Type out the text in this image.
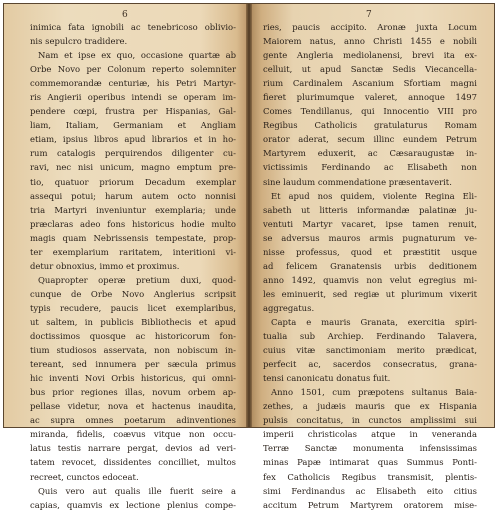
6
inimica fata ignobili ac tenebricoso oblivio-
nis sepulcro tradidere.
Nam et ipse ex quo, occasione quartæ ab
Orbe Novo per Colonum reperto solemniter
commemorandæ centuriæ, his Petri Martyr-
ris Angierii operibus intendi se operam im-
pendere cœpi, frustra per Hispanias, Gal-
liam, Italiam, Germaniam et Angliam
etiam, ipsius libros apud librarios et in ho-
rum catalogis perquirendos diligenter cu-
ravi, nec nisi unicum, magno emptum pre-
tio, quatuor priorum Decadum exemplar
assequi potui; harum autem octo nonnisi
tria Martyri inveniuntur exemplaria; unde
præclaras adeo fons historicus hodie multo
magis quam Nebrissensis tempestate, prop-
ter exemplarium raritatem, interitioni vi-
detur obnoxius, immo et proximus.
Quapropter operæ pretium duxi, quod-
cunque de Orbe Novo Anglerius scripsit
typis recudere, paucis licet exemplaribus,
ut saltem, in publicis Bibliothecis et apud
doctissimos quosque ac historicorum fon-
tium studiosos asservata, non nobiscum in-
tereant, sed innumera per sæcula primus
hic inventi Novi Orbis historicus, qui omni-
bus prior regiones illas, novum orbem ap-
pellase videtur, nova et hactenus inaudita,
ac supra omnes poetarum adinventiones
miranda, fidelis, coævus vitque non occu-
latus testis narrare pergat, devios ad veri-
tatem revocet, dissidentes concilliet, multos
recreet, cunctos edoceat.
Quis vero aut qualis ille fuerit seire a
capias, quamvis ex lectione plenius compe-
7
ries, paucis accipito. Aronæ juxta Locum
Maiorem natus, anno Christi 1455 e nobili
gente Angleria mediolanensi, brevi ita ex-
celluit, ut apud Sanctæ Sedis Viecancella-
rium Cardinalem Ascanium Sfortiam magni
fieret plurimumque valeret, annoque 1497
Comes Tendillanus, qui Innocentio VIII pro
Regibus Catholicis gratulaturus Romam
orator aderat, secum illinc eundem Petrum
Martyrem eduxerit, ac Cæsaraugustæ in-
victissimis Ferdinando ac Elisabeth non
sine laudum commendatione præsentaverit.
Et apud nos quidem, violente Regina Eli-
sabeth ut litteris informandæ palatinæ ju-
ventuti Martyr vacaret, ipse tamen renuit,
se adversus mauros armis pugnaturum ve-
nisse professus, quod et præstitit usque
ad felicem Granatensis urbis deditionem
anno 1492, quamvis non velut egregius mi-
les eminuerit, sed regiæ ut plurimum vixerit
aggregatus.
Capta e mauris Granata, exercitia spiri-
tualia sub Archiep. Ferdinando Talavera,
cuius vitæ sanctimoniam merito prædicat,
perfecit ac, sacerdos consecratus, grana-
tensi canonicatu donatus fuit.
Anno 1501, cum præpotens sultanus Baia-
zethes, a judæis mauris que ex Hispania
pulsis concitatus, in cunctos amplissimi sui
imperii christicolas atque in veneranda
Terræ Sanctæ monumenta infensissimas
minas Papæ intimarat quas Summus Ponti-
fex Catholicis Regibus transmisit, plentis-
simi Ferdinandus ac Elisabeth eito citius
accitum Petrum Martyrem oratorem mise-
